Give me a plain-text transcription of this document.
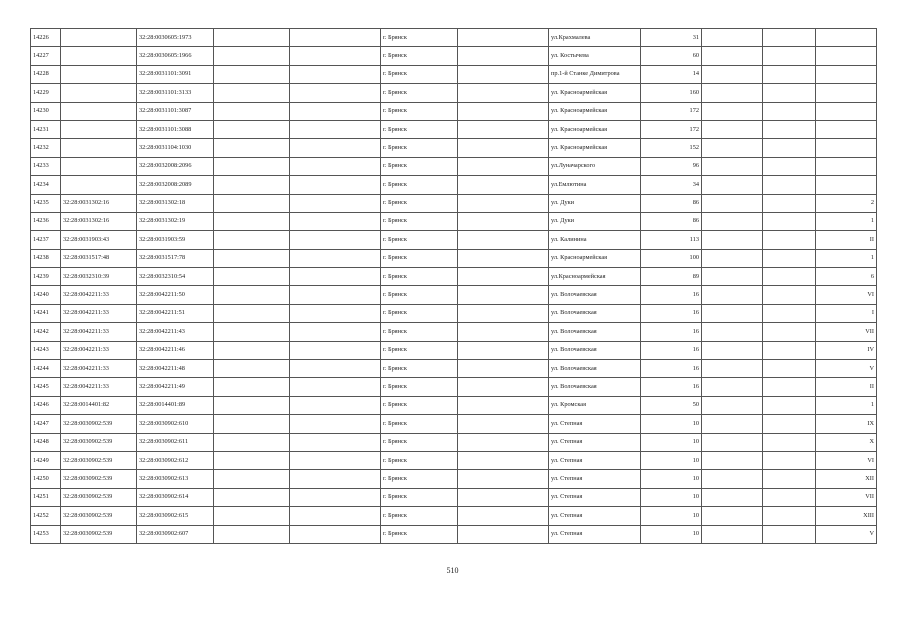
14226		32:28:0030605:1973			г. Брянск		ул.Крахмалева	31			
14227		32:28:0030605:1966			г. Брянск		ул. Костычева	60			
14228		32:28:0031101:3091			г. Брянск		пр.1-й Станке Димитрова	14			
14229		32:28:0031101:3133			г. Брянск		ул. Красноармейская	160			
14230		32:28:0031101:3087			г. Брянск		ул. Красноармейская	172			
14231		32:28:0031101:3088			г. Брянск		ул. Красноармейская	172			
14232		32:28:0031104:1030			г. Брянск		ул. Красноармейская	152			
14233		32:28:0032008:2096			г. Брянск		ул.Луначарского	96			
14234		32:28:0032008:2089			г. Брянск		ул.Емлютина	34			
14235	32:28:0031302:16	32:28:0031302:18			г. Брянск		ул. Дуки	86			2
14236	32:28:0031302:16	32:28:0031302:19			г. Брянск		ул. Дуки	86			1
14237	32:28:0031903:43	32:28:0031903:59			г. Брянск		ул. Калинина	113			II
14238	32:28:0031517:48	32:28:0031517:78			г. Брянск		ул. Красноармейская	100			1
14239	32:28:0032310:39	32:28:0032310:54			г. Брянск		ул.Красноармейская	89			6
14240	32:28:0042211:33	32:28:0042211:50			г. Брянск		ул. Волочаевская	16			VI
14241	32:28:0042211:33	32:28:0042211:51			г. Брянск		ул. Волочаевская	16			I
14242	32:28:0042211:33	32:28:0042211:43			г. Брянск		ул. Волочаевская	16			VII
14243	32:28:0042211:33	32:28:0042211:46			г. Брянск		ул. Волочаевская	16			IV
14244	32:28:0042211:33	32:28:0042211:48			г. Брянск		ул. Волочаевская	16			V
14245	32:28:0042211:33	32:28:0042211:49			г. Брянск		ул. Волочаевская	16			II
14246	32:28:0014401:82	32:28:0014401:89			г. Брянск		ул. Кромская	50			1
14247	32:28:0030902:539	32:28:0030902:610			г. Брянск		ул. Степная	10			IX
14248	32:28:0030902:539	32:28:0030902:611			г. Брянск		ул. Степная	10			X
14249	32:28:0030902:539	32:28:0030902:612			г. Брянск		ул. Степная	10			VI
14250	32:28:0030902:539	32:28:0030902:613			г. Брянск		ул. Степная	10			XII
14251	32:28:0030902:539	32:28:0030902:614			г. Брянск		ул. Степная	10			VII
14252	32:28:0030902:539	32:28:0030902:615			г. Брянск		ул. Степная	10			XIII
14253	32:28:0030902:539	32:28:0030902:607			г. Брянск		ул. Степная	10			V
510
